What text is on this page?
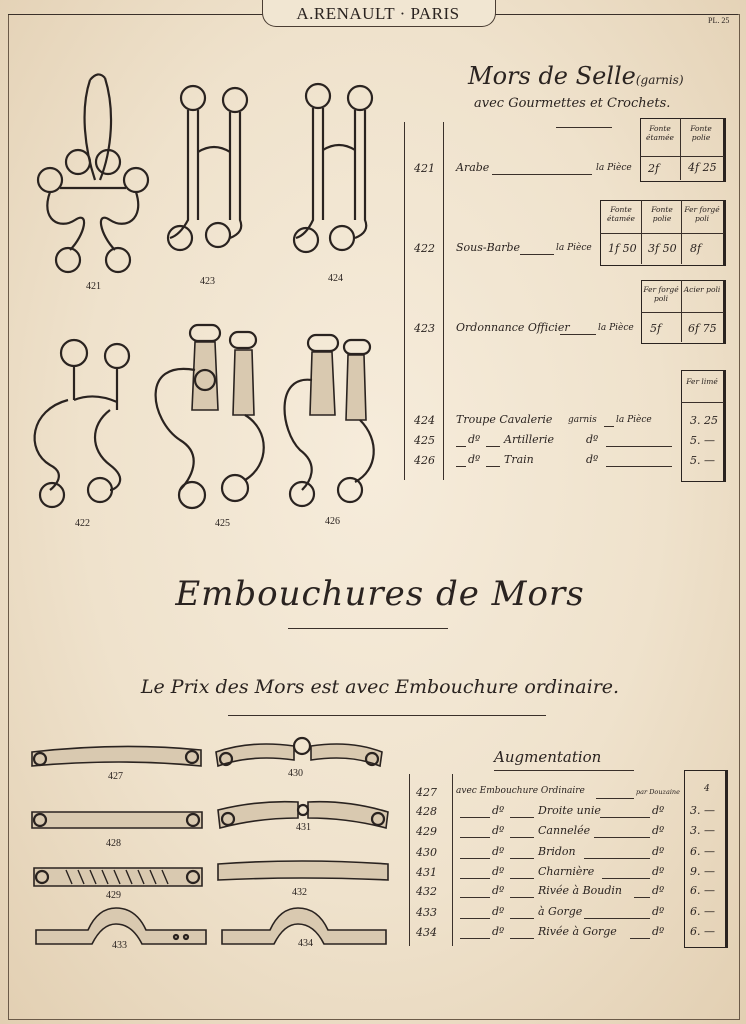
A.RENAULT · PARIS	PL. 25
421	423	424
422	425	426
Mors de Selle(garnis)
avec Gourmettes et Crochets.
Fonte étamée
Fonte polie
421 Arabe	la Pièce 2f	4f 25
Fonte étamée
Fonte polie
Fer forgé poli
422 Sous-Barbe	la Pièce 1f 50 3f 50 8f
Fer forgé poli
Acier poli
423 Ordonnance Officier	la Pièce 5f 6f 75
Fer limé
424 Troupe Cavalerie garnis la Pièce	3. 25
425	dº Artillerie	dº	5. —
426	dº Train	dº	5. —
Embouchures de Mors
Le Prix des Mors est avec Embouchure ordinaire.
427	430
428
431
429	432
433	434
Augmentation
427 avec Embouchure Ordinaire	par Douzaine	4
428	dº	Droite unie	dº 3. —
429	dº	Cannelée	dº 3. —
430	dº	Bridon	dº 6. —
431	dº	Charnière	dº 9. —
432	dº	Rivée à Boudin	dº 6. —
433	dº	à Gorge	dº 6. —
434	dº	Rivée à Gorge	dº 6. —
